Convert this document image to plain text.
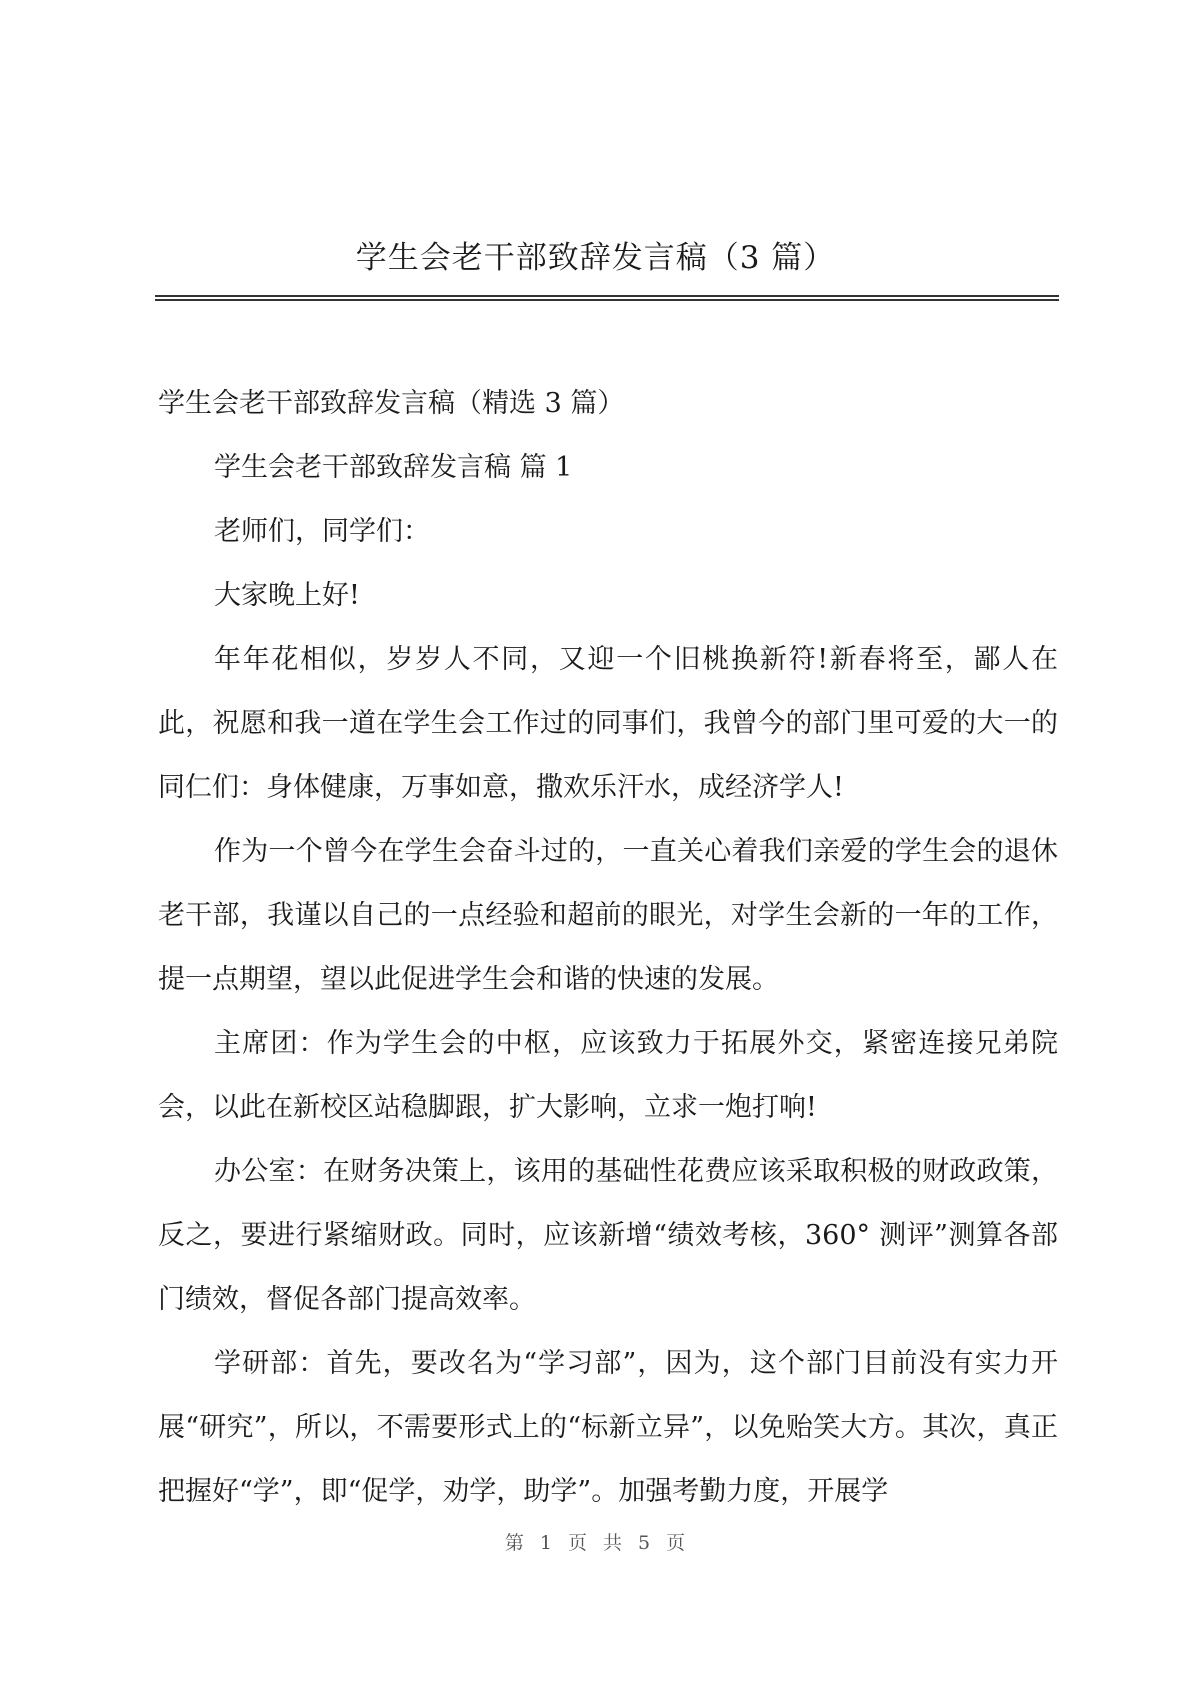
学生会老干部致辞发言稿（3 篇）

学生会老干部致辞发言稿（精选 3 篇）

学生会老干部致辞发言稿 篇 1

老师们，同学们：

大家晚上好!

年年花相似，岁岁人不同，又迎一个旧桃换新符!新春将至，鄙人在此，祝愿和我一道在学生会工作过的同事们，我曾今的部门里可爱的大一的同仁们：身体健康，万事如意，撒欢乐汗水，成经济学人!

作为一个曾今在学生会奋斗过的，一直关心着我们亲爱的学生会的退休老干部，我谨以自己的一点经验和超前的眼光，对学生会新的一年的工作，提一点期望，望以此促进学生会和谐的快速的发展。

主席团：作为学生会的中枢，应该致力于拓展外交，紧密连接兄弟院会，以此在新校区站稳脚跟，扩大影响，立求一炮打响!

办公室：在财务决策上，该用的基础性花费应该采取积极的财政政策，反之，要进行紧缩财政。同时，应该新增“绩效考核，360° 测评”测算各部门绩效，督促各部门提高效率。

学研部：首先，要改名为“学习部”，因为，这个部门目前没有实力开展“研究”，所以，不需要形式上的“标新立异”，以免贻笑大方。其次，真正把握好“学”，即“促学，劝学，助学”。加强考勤力度，开展学

第 1 页 共 5 页
